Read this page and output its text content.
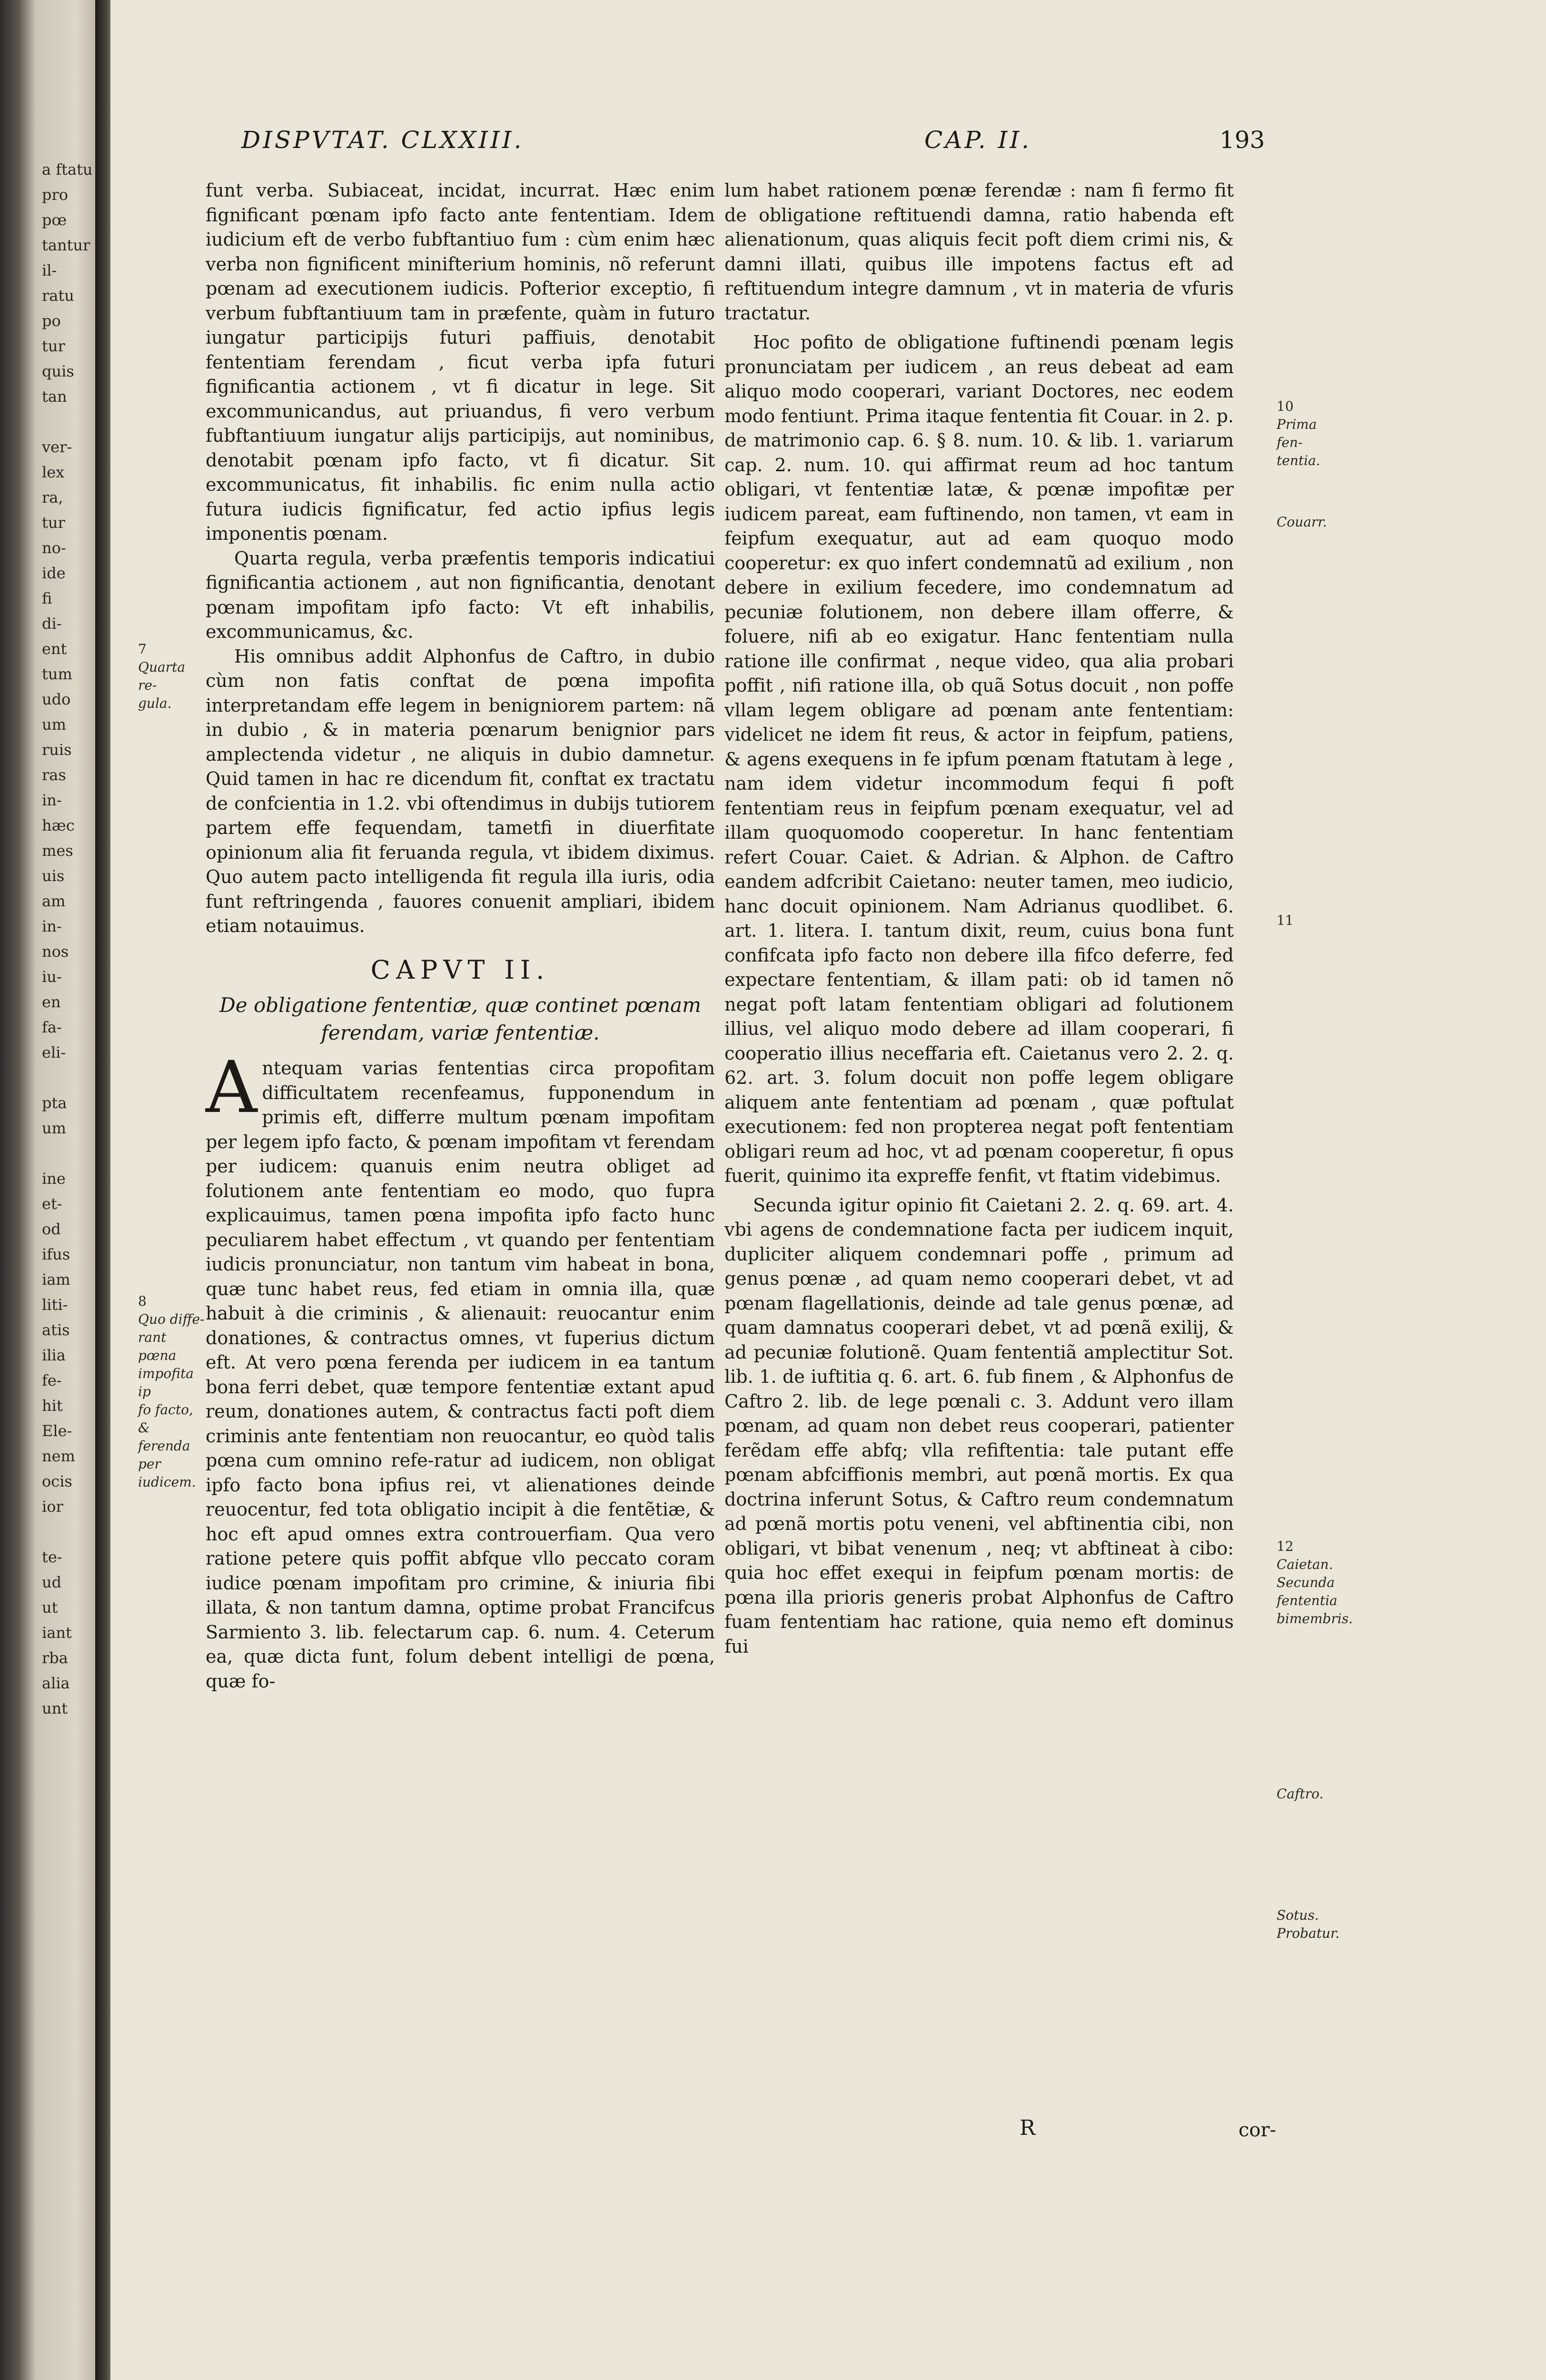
a ftatu
pro
pœ
tantur
il-
ratu
po
tur
quis
tan

ver-
lex
ra,
tur
no-
ide
fi
di-
ent
tum
udo
um
ruis
ras
in-
hæc
mes
uis
am
in-
nos
iu-
en
fa-
eli-

pta
um

ine
et-
od
ifus
iam
liti-
atis
ilia
fe-
hit
Ele-
nem
ocis
ior

te-
ud
ut
iant
rba
alia
unt
DISPVTAT. CLXXIII.	CAP. II.	193

funt verba. Subiaceat, incidat, incurrat. Hæc enim fignificant pœnam ipfo facto ante fententiam. Idem iudicium eft de verbo fubftantiuo fum : cùm enim hæc verba non fignificent minifterium hominis, nõ referunt pœnam ad executionem iudicis. Pofterior exceptio, fi verbum fubftantiuum tam in præfente, quàm in futuro iungatur participijs futuri paffiuis, denotabit fententiam ferendam , ficut verba ipfa futuri fignificantia actionem , vt fi dicatur in lege. Sit excommunicandus, aut priuandus, fi vero verbum fubftantiuum iungatur alijs participijs, aut nominibus, denotabit pœnam ipfo facto, vt fi dicatur. Sit excommunicatus, fit inhabilis. fic enim nulla actio futura iudicis fignificatur, fed actio ipfius legis imponentis pœnam.

Quarta regula, verba præfentis temporis indicatiui fignificantia actionem , aut non fignificantia, denotant pœnam impofitam ipfo facto: Vt eft inhabilis, excommunicamus, &c.

His omnibus addit Alphonfus de Caftro, in dubio cùm non fatis conftat de pœna impofita interpretandam effe legem in benigniorem partem: nã in dubio , & in materia pœnarum benignior pars amplectenda videtur , ne aliquis in dubio damnetur. Quid tamen in hac re dicendum fit, conftat ex tractatu de confcientia in 1.2. vbi oftendimus in dubijs tutiorem partem effe fequendam, tametfi in diuerfitate opinionum alia fit feruanda regula, vt ibidem diximus. Quo autem pacto intelligenda fit regula illa iuris, odia funt reftringenda , fauores conuenit ampliari, ibidem etiam notauimus.

CAPVT II.
De obligatione fententiæ, quæ continet pœnam ferendam, variæ fententiæ.

Antequam varias fententias circa propofitam difficultatem recenfeamus, fupponendum in primis eft, differre multum pœnam impofitam per legem ipfo facto, & pœnam impofitam vt ferendam per iudicem: quanuis enim neutra obliget ad folutionem ante fententiam eo modo, quo fupra explicauimus, tamen pœna impofita ipfo facto hunc peculiarem habet effectum , vt quando per fententiam iudicis pronunciatur, non tantum vim habeat in bona, quæ tunc habet reus, fed etiam in omnia illa, quæ habuit à die criminis , & alienauit: reuocantur enim donationes, & contractus omnes, vt fuperius dictum eft. At vero pœna ferenda per iudicem in ea tantum bona ferri debet, quæ tempore fententiæ extant apud reum, donationes autem, & contractus facti poft diem criminis ante fententiam non reuocantur, eo quòd talis pœna cum omnino refe-ratur ad iudicem, non obligat ipfo facto bona ipfius rei, vt alienationes deinde reuocentur, fed tota obligatio incipit à die fentẽtiæ, & hoc eft apud omnes extra controuerfiam. Qua vero ratione petere quis poffit abfque vllo peccato coram iudice pœnam impofitam pro crimine, & iniuria fibi illata, & non tantum damna, optime probat Francifcus Sarmiento 3. lib. felectarum cap. 6. num. 4. Ceterum ea, quæ dicta funt, folum debent intelligi de pœna, quæ fo-

lum habet rationem pœnæ ferendæ : nam fi fermo fit de obligatione reftituendi damna, ratio habenda eft alienationum, quas aliquis fecit poft diem crimi nis, & damni illati, quibus ille impotens factus eft ad reftituendum integre damnum , vt in materia de vfuris tractatur.

Hoc pofito de obligatione fuftinendi pœnam legis pronunciatam per iudicem , an reus debeat ad eam aliquo modo cooperari, variant Doctores, nec eodem modo fentiunt. Prima itaque fententia fit Couar. in 2. p. de matrimonio cap. 6. § 8. num. 10. & lib. 1. variarum cap. 2. num. 10. qui affirmat reum ad hoc tantum obligari, vt fententiæ latæ, & pœnæ impofitæ per iudicem pareat, eam fuftinendo, non tamen, vt eam in feipfum exequatur, aut ad eam quoquo modo cooperetur: ex quo infert condemnatũ ad exilium , non debere in exilium fecedere, imo condemnatum ad pecuniæ folutionem, non debere illam offerre, & foluere, nifi ab eo exigatur. Hanc fententiam nulla ratione ille confirmat , neque video, qua alia probari poffit , nifi ratione illa, ob quã Sotus docuit , non poffe vllam legem obligare ad pœnam ante fententiam: videlicet ne idem fit reus, & actor in feipfum, patiens, & agens exequens in fe ipfum pœnam ftatutam à lege , nam idem videtur incommodum fequi fi poft fententiam reus in feipfum pœnam exequatur, vel ad illam quoquomodo cooperetur. In hanc fententiam refert Couar. Caiet. & Adrian. & Alphon. de Caftro eandem adfcribit Caietano: neuter tamen, meo iudicio, hanc docuit opinionem. Nam Adrianus quodlibet. 6. art. 1. litera. I. tantum dixit, reum, cuius bona funt confifcata ipfo facto non debere illa fifco deferre, fed expectare fententiam, & illam pati: ob id tamen nõ negat poft latam fententiam obligari ad folutionem illius, vel aliquo modo debere ad illam cooperari, fi cooperatio illius neceffaria eft. Caietanus vero 2. 2. q. 62. art. 3. folum docuit non poffe legem obligare aliquem ante fententiam ad pœnam , quæ poftulat executionem: fed non propterea negat poft fententiam obligari reum ad hoc, vt ad pœnam cooperetur, fi opus fuerit, quinimo ita expreffe fenfit, vt ftatim videbimus.

Secunda igitur opinio fit Caietani 2. 2. q. 69. art. 4. vbi agens de condemnatione facta per iudicem inquit, dupliciter aliquem condemnari poffe , primum ad genus pœnæ , ad quam nemo cooperari debet, vt ad pœnam flagellationis, deinde ad tale genus pœnæ, ad quam damnatus cooperari debet, vt ad pœnã exilij, & ad pecuniæ folutionẽ. Quam fententiã amplectitur Sot. lib. 1. de iuftitia q. 6. art. 6. fub finem , & Alphonfus de Caftro 2. lib. de lege pœnali c. 3. Addunt vero illam pœnam, ad quam non debet reus cooperari, patienter ferẽdam effe abfq; vlla refiftentia: tale putant effe pœnam abfciffionis membri, aut pœnã mortis. Ex qua doctrina inferunt Sotus, & Caftro reum condemnatum ad pœnã mortis potu veneni, vel abftinentia cibi, non obligari, vt bibat venenum , neq; vt abftineat à cibo: quia hoc effet exequi in feipfum pœnam mortis: de pœna illa prioris generis probat Alphonfus de Caftro fuam fententiam hac ratione, quia nemo eft dominus fui

7
Quarta re-
gula.
8
Quo diffe-
rant pœna
impofita ip
fo facto, &
ferenda per
iudicem.
10
Prima fen-
tentia.
Couarr.
11
12
Caietan.
Secunda
fententia
bimembris.
Caftro.
Sotus.
Probatur.
R	cor-
